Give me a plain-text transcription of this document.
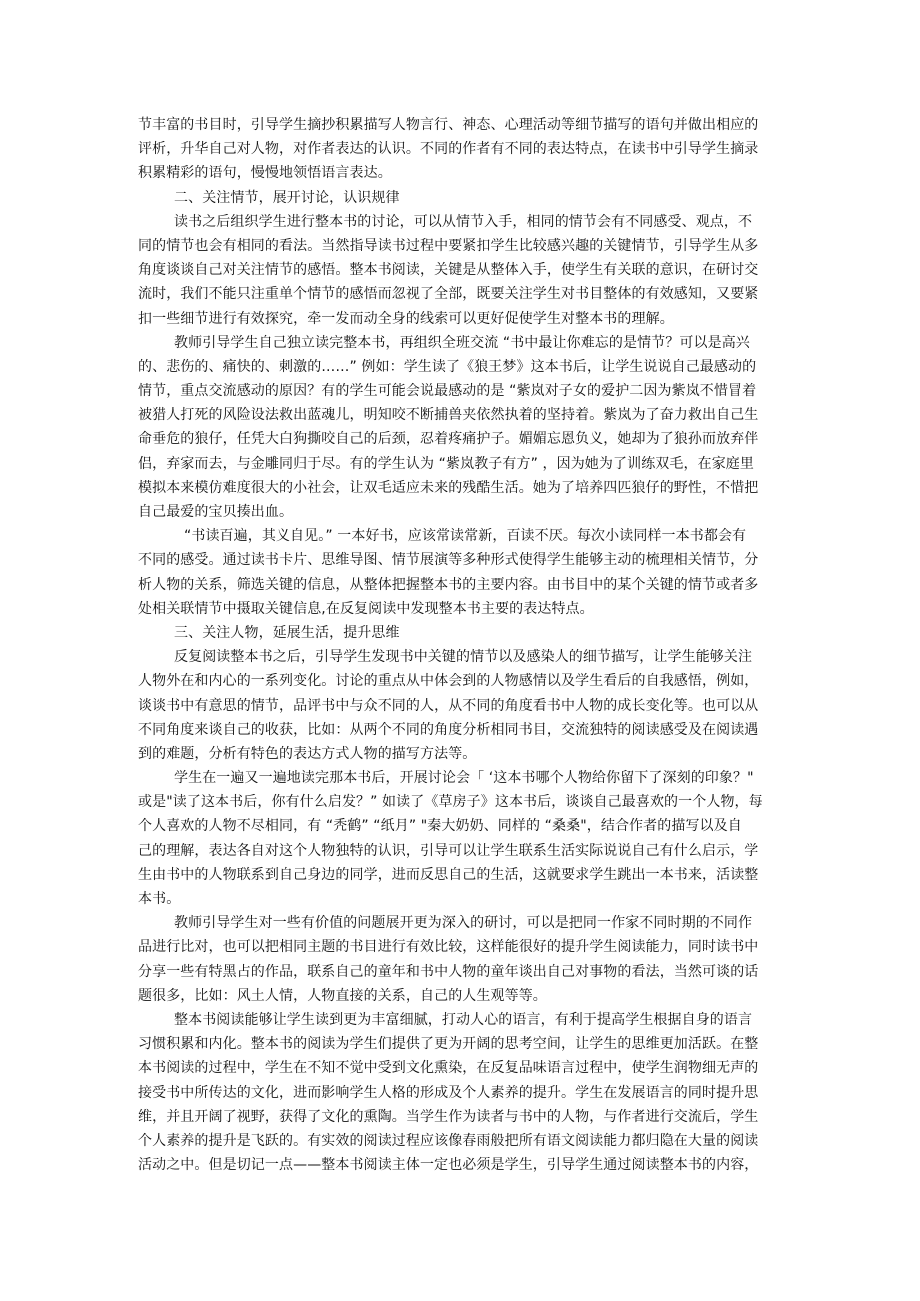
节丰富的书目时，引导学生摘抄积累描写人物言行、神态、心理活动等细节描写的语句并做出相应的
评析，升华自己对人物，对作者表达的认识。不同的作者有不同的表达特点，在读书中引导学生摘录
积累精彩的语句，慢慢地领悟语言表达。
二、关注情节，展开讨论，认识规律
读书之后组织学生进行整本书的讨论，可以从情节入手，相同的情节会有不同感受、观点，不
同的情节也会有相同的看法。当然指导读书过程中要紧扣学生比较感兴趣的关键情节，引导学生从多
角度谈谈自己对关注情节的感悟。整本书阅读，关键是从整体入手，使学生有关联的意识，在研讨交
流时，我们不能只注重单个情节的感悟而忽视了全部，既要关注学生对书目整体的有效感知，又要紧
扣一些细节进行有效探究，牵一发而动全身的线索可以更好促使学生对整本书的理解。
教师引导学生自己独立读完整本书，再组织全班交流 “书中最让你难忘的是情节？可以是高兴
的、悲伤的、痛快的、刺激的……” 例如：学生读了《狼王梦》这本书后，让学生说说自己最感动的
情节，重点交流感动的原因？有的学生可能会说最感动的是 “紫岚对子女的爱护二因为紫岚不惜冒着
被猎人打死的风险设法救出蓝魂儿，明知咬不断捕兽夹依然执着的坚持着。紫岚为了奋力救出自己生
命垂危的狼仔，任凭大白狗撕咬自己的后颈，忍着疼痛护子。媚媚忘恩负义，她却为了狼孙而放弃伴
侣，弃家而去，与金雕同归于尽。有的学生认为 “紫岚教子有方” ，因为她为了训练双毛，在家庭里
模拟本来模仿难度很大的小社会，让双毛适应未来的残酷生活。她为了培养四匹狼仔的野性，不惜把
自己最爱的宝贝揍出血。
“书读百遍，其义自见。” 一本好书，应该常读常新，百读不厌。每次小读同样一本书都会有
不同的感受。通过读书卡片、思维导图、情节展演等多种形式使得学生能够主动的梳理相关情节，分
析人物的关系，筛选关键的信息，从整体把握整本书的主要内容。由书目中的某个关键的情节或者多
处相关联情节中摄取关键信息,在反复阅读中发现整本书主要的表达特点。
三、关注人物，延展生活，提升思维
反复阅读整本书之后，引导学生发现书中关键的情节以及感染人的细节描写，让学生能够关注
人物外在和内心的一系列变化。讨论的重点从中体会到的人物感情以及学生看后的自我感悟，例如，
谈谈书中有意思的情节，品评书中与众不同的人，从不同的角度看书中人物的成长变化等。也可以从
不同角度来谈自己的收获，比如：从两个不同的角度分析相同书目，交流独特的阅读感受及在阅读遇
到的难题，分析有特色的表达方式人物的描写方法等。
学生在一遍又一遍地读完那本书后，开展讨论会「 ‘这本书哪个人物给你留下了深刻的印象？"
或是"读了这本书后，你有什么启发？” 如读了《草房子》这本书后，谈谈自己最喜欢的一个人物，每
个人喜欢的人物不尽相同，有 “秃鹤” “纸月” "秦大奶奶、同样的 “桑桑"，结合作者的描写以及自
己的理解，表达各自对这个人物独特的认识，引导可以让学生联系生活实际说说自己有什么启示，学
生由书中的人物联系到自己身边的同学，进而反思自己的生活，这就要求学生跳出一本书来，活读整
本书。
教师引导学生对一些有价值的问题展开更为深入的研讨，可以是把同一作家不同时期的不同作
品进行比对，也可以把相同主题的书目进行有效比较，这样能很好的提升学生阅读能力，同时读书中
分享一些有特黑占的作品，联系自己的童年和书中人物的童年谈出自己对事物的看法，当然可谈的话
题很多，比如：风土人情，人物直接的关系，自己的人生观等等。
整本书阅读能够让学生读到更为丰富细腻，打动人心的语言，有利于提高学生根据自身的语言
习惯积累和内化。整本书的阅读为学生们提供了更为开阔的思考空间，让学生的思维更加活跃。在整
本书阅读的过程中，学生在不知不觉中受到文化熏染，在反复品味语言过程中，使学生润物细无声的
接受书中所传达的文化，进而影响学生人格的形成及个人素养的提升。学生在发展语言的同时提升思
维，并且开阔了视野，获得了文化的熏陶。当学生作为读者与书中的人物，与作者进行交流后，学生
个人素养的提升是飞跃的。有实效的阅读过程应该像春雨般把所有语文阅读能力都归隐在大量的阅读
活动之中。但是切记一点——整本书阅读主体一定也必须是学生，引导学生通过阅读整本书的内容，
